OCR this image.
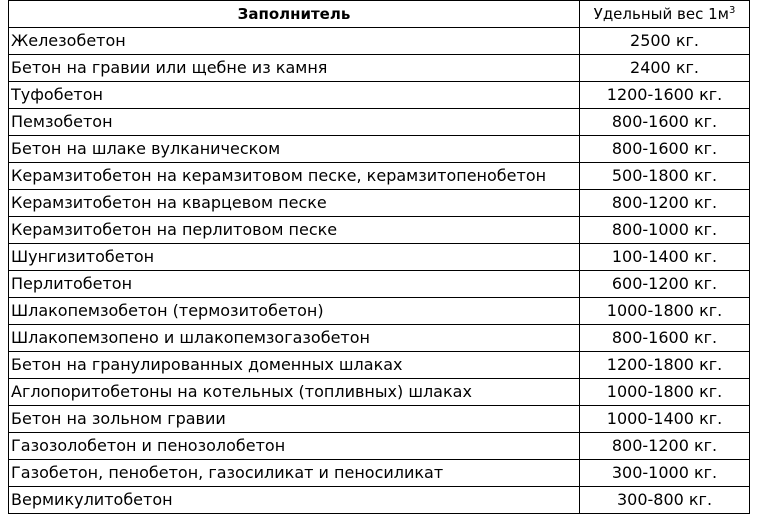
Заполнитель	Удельный вес $1м^3$
Железобетон	2500 кг.
Бетон на гравии или щебне из камня	2400 кг.
Туфобетон	1200-1600 кг.
Пемзобетон	800-1600 кг.
Бетон на шлаке вулканическом	800-1600 кг.
Керамзитобетон на керамзитовом песке, керамзитопенобетон	500-1800 кг.
Керамзитобетон на кварцевом песке	800-1200 кг.
Керамзитобетон на перлитовом песке	800-1000 кг.
Шунгизитобетон	100-1400 кг.
Перлитобетон	600-1200 кг.
Шлакопемзобетон (термозитобетон)	1000-1800 кг.
Шлакопемзопено и шлакопемзогазобетон	800-1600 кг.
Бетон на гранулированных доменных шлаках	1200-1800 кг.
Аглопоритобетоны на котельных (топливных) шлаках	1000-1800 кг.
Бетон на зольном гравии	1000-1400 кг.
Газозолобетон и пенозолобетон	800-1200 кг.
Газобетон, пенобетон, газосиликат и пеносиликат	300-1000 кг.
Вермикулитобетон	300-800 кг.
